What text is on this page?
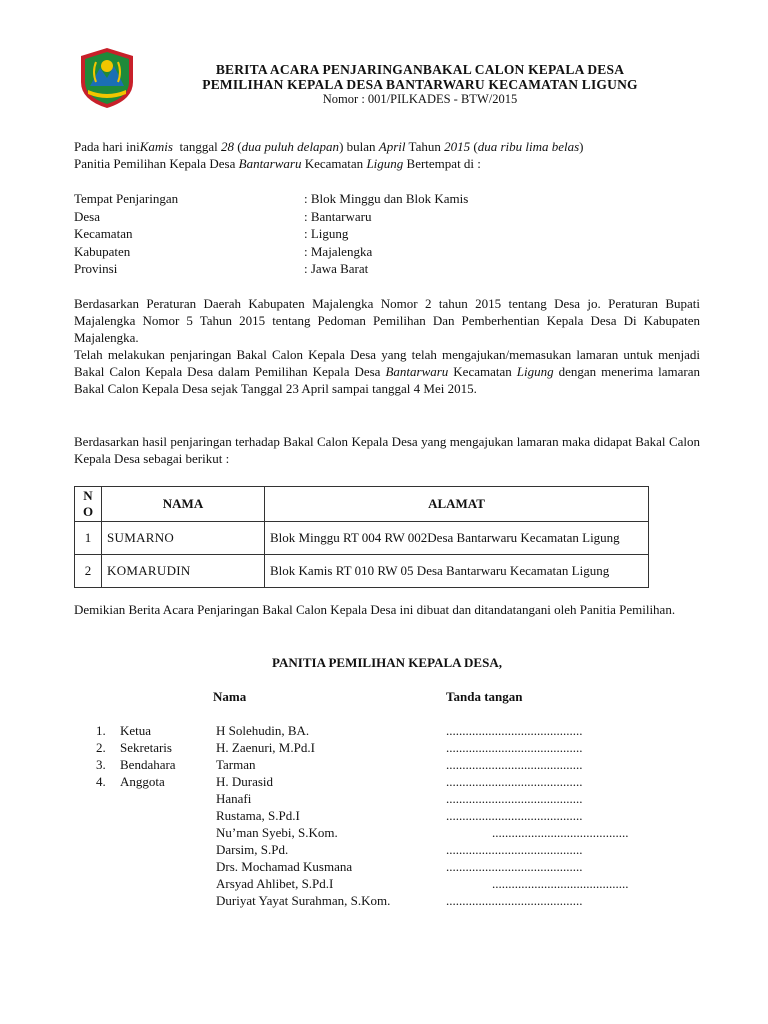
BERITA ACARA PENJARINGANBAKAL CALON KEPALA DESA
PEMILIHAN KEPALA DESA BANTARWARU KECAMATAN LIGUNG
Nomor : 001/PILKADES - BTW/2015
Pada hari iniKamis  tanggal 28 (dua puluh delapan) bulan April Tahun 2015 (dua ribu lima belas)
Panitia Pemilihan Kepala Desa Bantarwaru Kecamatan Ligung Bertempat di :
Tempat Penjaringan	: Blok Minggu dan Blok Kamis
Desa	: Bantarwaru
Kecamatan	: Ligung
Kabupaten	: Majalengka
Provinsi	: Jawa Barat
Berdasarkan Peraturan Daerah Kabupaten Majalengka Nomor 2 tahun 2015 tentang Desa jo. Peraturan Bupati Majalengka Nomor 5 Tahun 2015 tentang Pedoman Pemilihan Dan Pemberhentian Kepala Desa Di Kabupaten Majalengka.
Telah melakukan penjaringan Bakal Calon Kepala Desa yang telah mengajukan/memasukan lamaran untuk menjadi Bakal Calon Kepala Desa dalam Pemilihan Kepala Desa Bantarwaru Kecamatan Ligung dengan menerima lamaran Bakal Calon Kepala Desa sejak Tanggal 23 April sampai tanggal 4 Mei 2015.
Berdasarkan hasil penjaringan terhadap Bakal Calon Kepala Desa yang mengajukan lamaran maka didapat Bakal Calon Kepala Desa sebagai berikut :
N
O	NAMA	ALAMAT
1	SUMARNO	Blok Minggu RT 004 RW 002Desa Bantarwaru Kecamatan Ligung
2	KOMARUDIN	Blok Kamis RT 010 RW 05 Desa Bantarwaru Kecamatan Ligung
Demikian Berita Acara Penjaringan Bakal Calon Kepala Desa ini dibuat dan ditandatangani oleh Panitia Pemilihan.
PANITIA PEMILIHAN KEPALA DESA,
Nama	Tanda tangan
1.	Ketua	H Solehudin, BA.	..........................................
2.	Sekretaris	H. Zaenuri, M.Pd.I	..........................................
3.	Bendahara	Tarman	..........................................
4.	Anggota	H. Durasid	..........................................
Hanafi	..........................................
Rustama, S.Pd.I	..........................................
Nu’man Syebi, S.Kom.	..........................................
Darsim, S.Pd.	..........................................
Drs. Mochamad Kusmana	..........................................
Arsyad Ahlibet, S.Pd.I	..........................................
Duriyat Yayat Surahman, S.Kom.	..........................................
